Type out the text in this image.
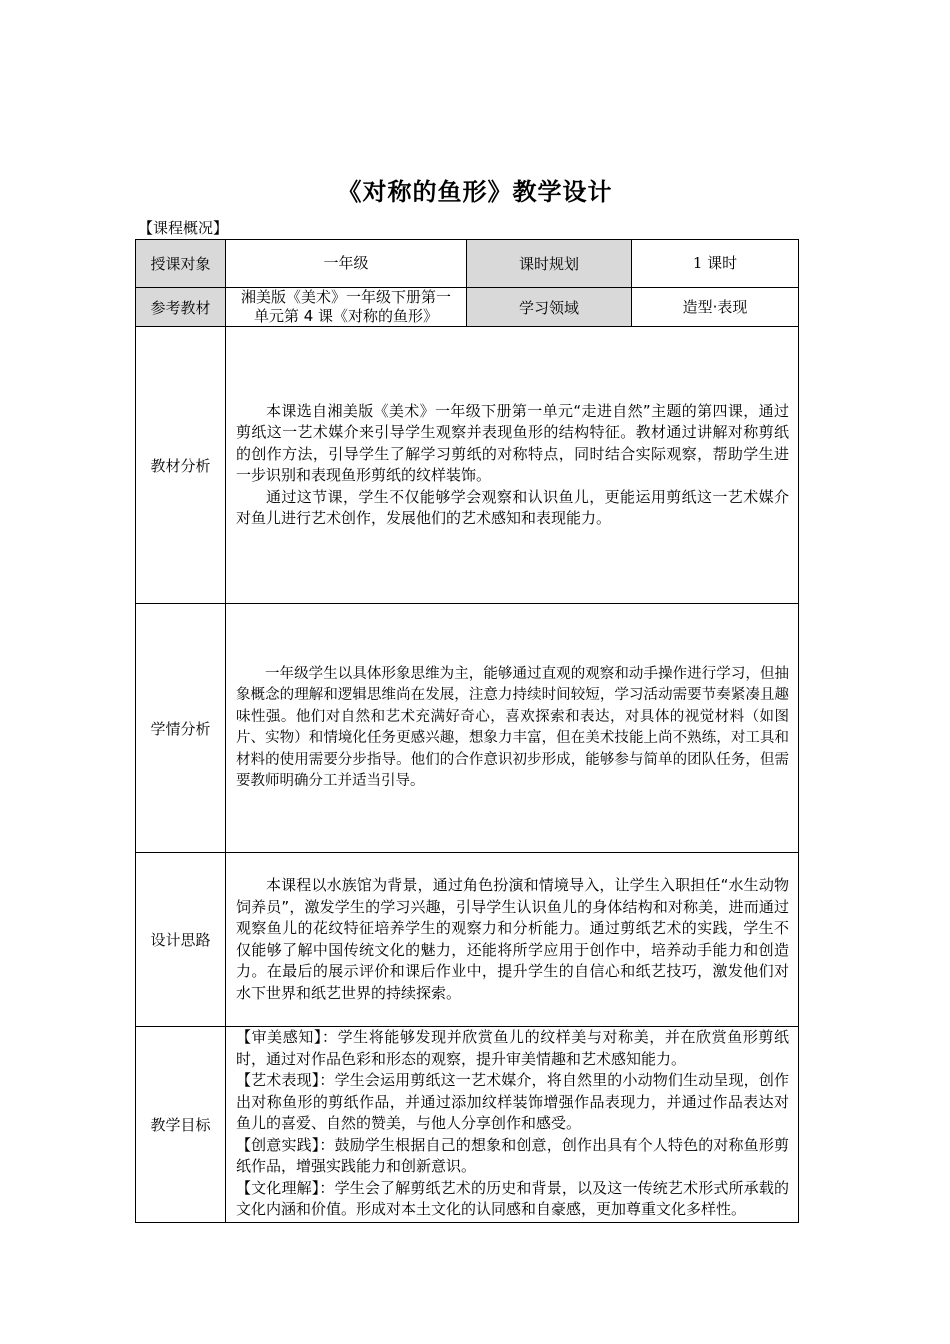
《对称的鱼形》教学设计
【课程概况】
授课对象	一年级	课时规划	1 课时
参考教材	湘美版《美术》一年级下册第一单元第 4 课《对称的鱼形》	学习领域	造型·表现
教材分析	本课选自湘美版《美术》一年级下册第一单元“走进自然”主题的第四课，通过剪纸这一艺术媒介来引导学生观察并表现鱼形的结构特征。教材通过讲解对称剪纸的创作方法，引导学生了解学习剪纸的对称特点，同时结合实际观察，帮助学生进一步识别和表现鱼形剪纸的纹样装饰。

通过这节课，学生不仅能够学会观察和认识鱼儿，更能运用剪纸这一艺术媒介对鱼儿进行艺术创作，发展他们的艺术感知和表现能力。		

学情分析	一年级学生以具体形象思维为主，能够通过直观的观察和动手操作进行学习，但抽象概念的理解和逻辑思维尚在发展，注意力持续时间较短，学习活动需要节奏紧凑且趣味性强。他们对自然和艺术充满好奇心，喜欢探索和表达，对具体的视觉材料（如图片、实物）和情境化任务更感兴趣，想象力丰富，但在美术技能上尚不熟练，对工具和材料的使用需要分步指导。他们的合作意识初步形成，能够参与简单的团队任务，但需要教师明确分工并适当引导。		

设计思路	本课程以水族馆为背景，通过角色扮演和情境导入，让学生入职担任“水生动物饲养员”，激发学生的学习兴趣，引导学生认识鱼儿的身体结构和对称美，进而通过观察鱼儿的花纹特征培养学生的观察力和分析能力。通过剪纸艺术的实践，学生不仅能够了解中国传统文化的魅力，还能将所学应用于创作中，培养动手能力和创造力。在最后的展示评价和课后作业中，提升学生的自信心和纸艺技巧，激发他们对水下世界和纸艺世界的持续探索。		

教学目标	【审美感知】：学生将能够发现并欣赏鱼儿的纹样美与对称美，并在欣赏鱼形剪纸时，通过对作品色彩和形态的观察，提升审美情趣和艺术感知能力。

【艺术表现】：学生会运用剪纸这一艺术媒介，将自然里的小动物们生动呈现，创作出对称鱼形的剪纸作品，并通过添加纹样装饰增强作品表现力，并通过作品表达对鱼儿的喜爱、自然的赞美，与他人分享创作和感受。

【创意实践】：鼓励学生根据自己的想象和创意，创作出具有个人特色的对称鱼形剪纸作品，增强实践能力和创新意识。

【文化理解】：学生会了解剪纸艺术的历史和背景，以及这一传统艺术形式所承载的文化内涵和价值。形成对本土文化的认同感和自豪感，更加尊重文化多样性。		
